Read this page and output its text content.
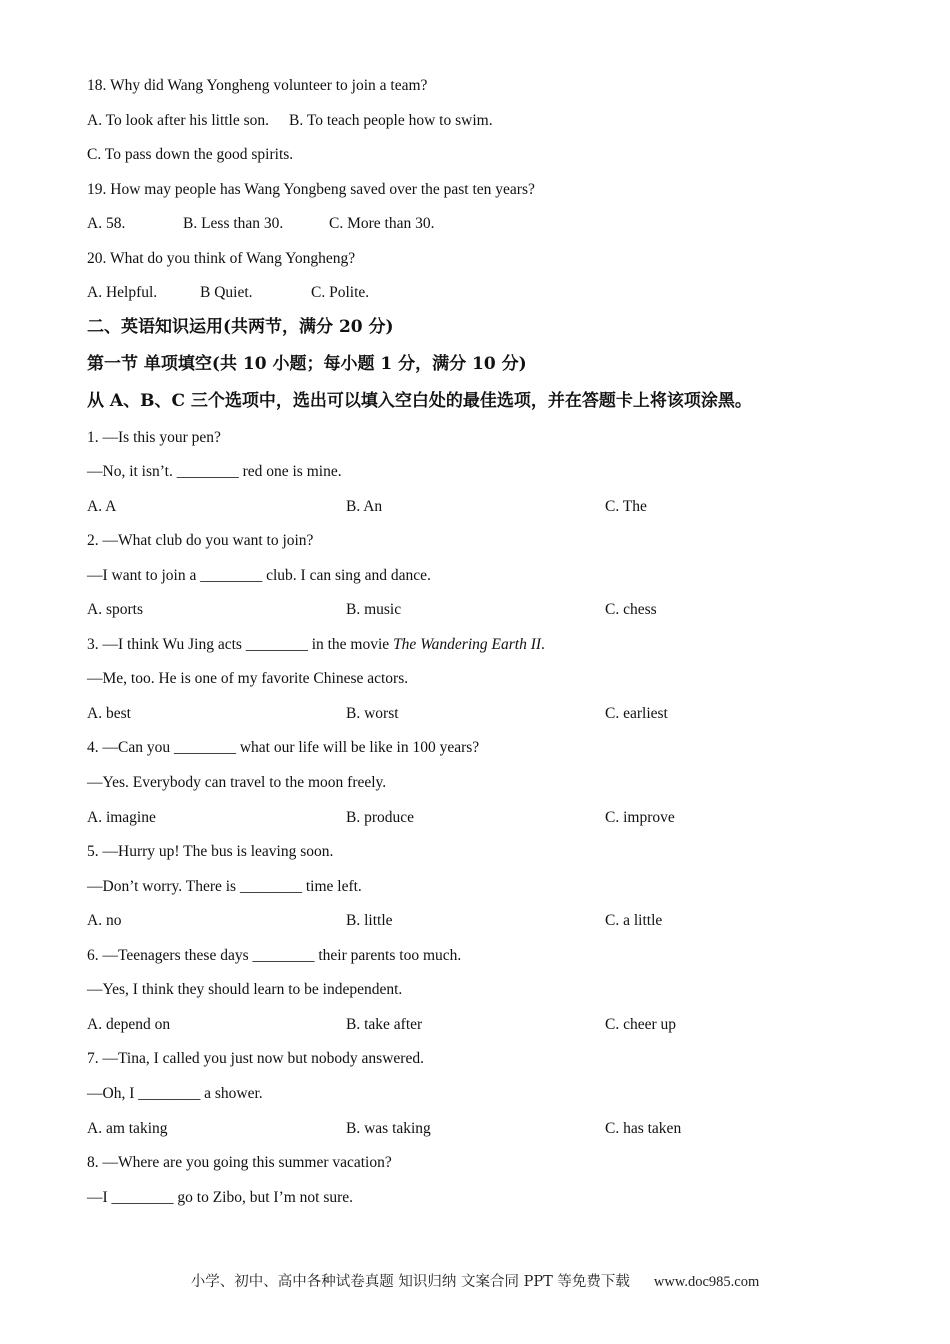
18. Why did Wang Yongheng volunteer to join a team?
A. To look after his little son. B. To teach people how to swim.
C. To pass down the good spirits.
19. How may people has Wang Yongbeng saved over the past ten years?
A. 58.	B. Less than 30.	C. More than 30.
20. What do you think of Wang Yongheng?
A. Helpful.	B Quiet.	C. Polite.
二、英语知识运用(共两节，满分 20 分)
第一节 单项填空(共 10 小题；每小题 1 分，满分 10 分)
从 A、B、C 三个选项中，选出可以填入空白处的最佳选项，并在答题卡上将该项涂黑。
1. —Is this your pen?
—No, it isn’t. ________ red one is mine.
A. A	B. An	C. The
2. —What club do you want to join?
—I want to join a ________ club. I can sing and dance.
A. sports	B. music	C. chess
3. —I think Wu Jing acts ________ in the movie The Wandering Earth II.
—Me, too. He is one of my favorite Chinese actors.
A. best	B. worst	C. earliest
4. —Can you ________ what our life will be like in 100 years?
—Yes. Everybody can travel to the moon freely.
A. imagine	B. produce	C. improve
5. —Hurry up! The bus is leaving soon.
—Don’t worry. There is ________ time left.
A. no	B. little	C. a little
6. —Teenagers these days ________ their parents too much.
—Yes, I think they should learn to be independent.
A. depend on	B. take after	C. cheer up
7. —Tina, I called you just now but nobody answered.
—Oh, I ________ a shower.
A. am taking	B. was taking	C. has taken
8. —Where are you going this summer vacation?
—I ________ go to Zibo, but I’m not sure.
小学、初中、高中各种试卷真题 知识归纳 文案合同 PPT 等免费下载 www.doc985.com
